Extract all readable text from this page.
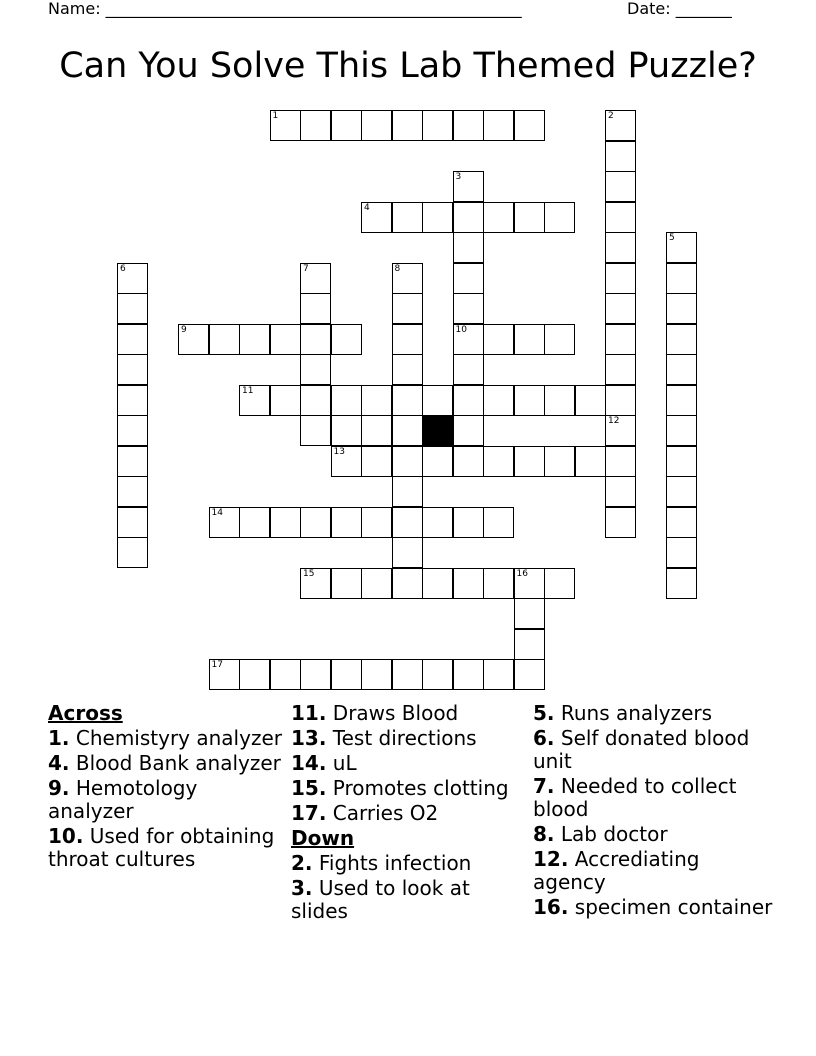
Name: ____________________________________________________	Date: _______
Can You Solve This Lab Themed Puzzle?
1	2
3
10
4
5
6	7	8
9
11
12
13
14
15	16
17
Across
1. Chemistyry analyzer
4. Blood Bank analyzer
9. Hemotology analyzer
10. Used for obtaining throat cultures
11. Draws Blood
13. Test directions
14. uL
15. Promotes clotting
17. Carries O2
Down
2. Fights infection
3. Used to look at slides
5. Runs analyzers
6. Self donated blood unit
7. Needed to collect blood
8. Lab doctor
12. Accrediating agency
16. specimen container
